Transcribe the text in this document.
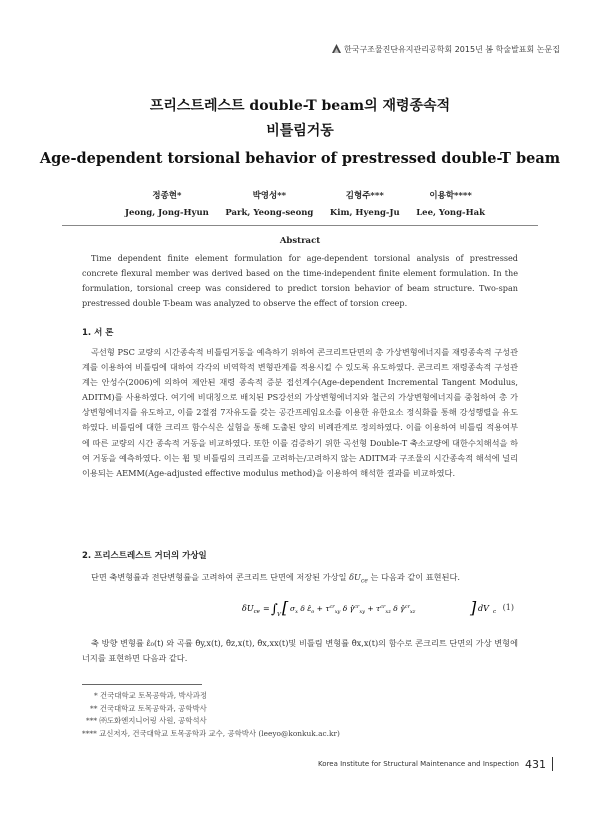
한국구조물진단유지관리공학회 2015년 봄 학술발표회 논문집
프리스트레스트 double-T beam의 재령종속적
비틀림거동
Age-dependent torsional behavior of prestressed double-T beam
정종현*
Jeong, Jong-Hyun
박영성**
Park, Yeong-seong
김형주***
Kim, Hyeng-Ju
이용학****
Lee, Yong-Hak
Abstract
Time dependent finite element formulation for age-dependent torsional analysis of prestressed concrete flexural member was derived based on the time-independent finite element formulation. In the formulation, torsional creep was considered to predict torsion behavior of beam structure. Two-span prestressed double T-beam was analyzed to observe the effect of torsion creep.
1. 서 론
곡선형 PSC 교량의 시간종속적 비틀림거동을 예측하기 위하여 콘크리트단면의 총 가상변형에너지를 재령종속적 구성관계를 이용하여 비틀림에 대하여 각각의 비역학적 변형관계를 적용시킬 수 있도록 유도하였다. 콘크리트 재령종속적 구성관계는 안성수(2006)에 의하여 제안된 재령 종속적 증분 접선계수(Age-dependent Incremental Tangent Modulus, ADITM)를 사용하였다. 여기에 비대칭으로 배치된 PS강선의 가상변형에너지와 철근의 가상변형에너지를 중첩하여 총 가상변형에너지를 유도하고, 이를 2절점 7자유도를 갖는 공간프레임요소를 이용한 유한요소 정식화를 통해 강성행렬을 유도하였다. 비틀림에 대한 크리프 함수식은 실험을 통해 도출된 양의 비례관계로 정의하였다. 이를 이용하여 비틀림 적용여부에 따른 교량의 시간 종속적 거동을 비교하였다. 또한 이를 검증하기 위한 곡선형 Double-T 축소교량에 대한수치해석을 하여 거동을 예측하였다. 이는 휨 및 비틀림의 크리프를 고려하는/고려하지 않는 ADITM과 구조물의 시간종속적 해석에 널리 이용되는 AEMM(Age-adjusted effective modulus method)을 이용하여 해석한 결과를 비교하였다.
2. 프리스트레스트 거더의 가상일
단면 축변형률과 전단변형률을 고려하여 콘크리트 단면에 저장된 가상일 $\delta U_{ce}$ 는 다음과 같이 표현된다.
$\delta U_{ce}$ = ∫ V [ $\sigma_x$ δ $\varepsilon̂_o + \tau^{cr}_{xy}$ δ γ̂$^{cr}_{xy}$ + $\tau^{cr}_{xz}$ δ γ̂$^{cr}_{xz}$	] dV c (1)
축 방향 변형률 ε̂₀(t) 와 곡률 θ̂y,x(t), θ̂z,x(t), θ̂x,xx(t)및 비틀림 변형률 θ̂x,x(t)의 함수로 콘크리트 단면의 가상 변형에너지를 표현하면 다음과 같다.
* 건국대학교 토목공학과, 박사과정
** 건국대학교 토목공학과, 공학박사
*** ㈜도화엔지니어링 사원, 공학석사
**** 교신저자, 건국대학교 토목공학과 교수, 공학박사 (leeyo@konkuk.ac.kr)
Korea Institute for Structural Maintenance and Inspection 431
